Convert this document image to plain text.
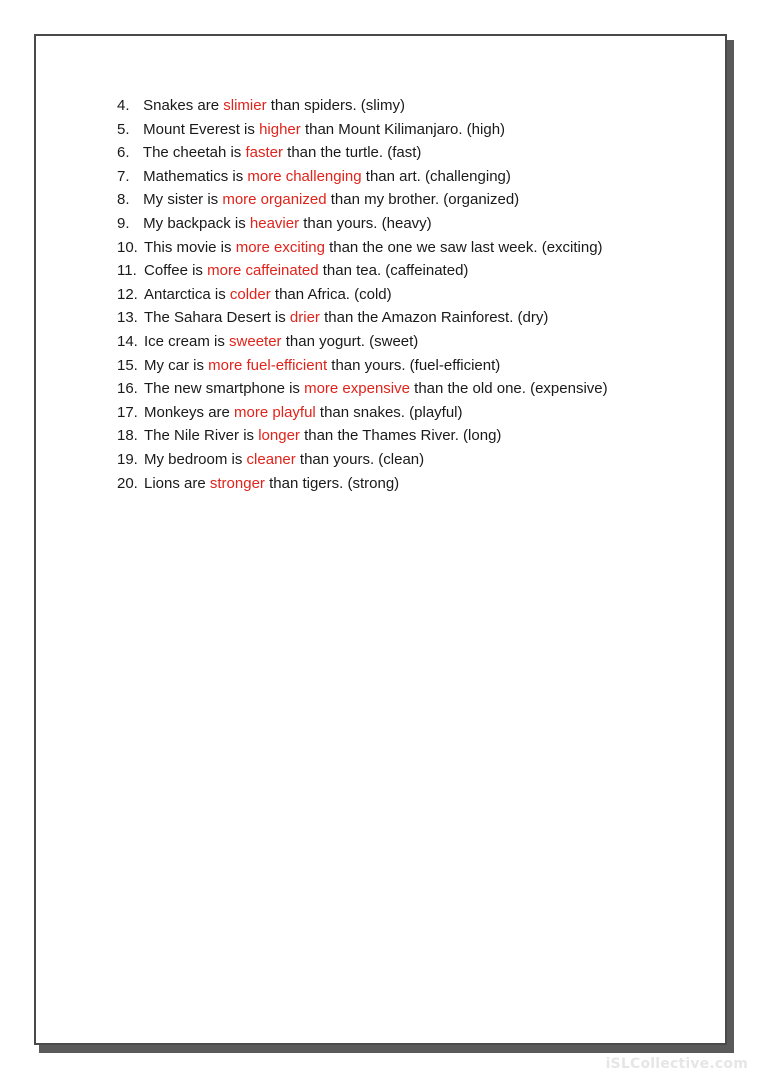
4. Snakes are slimier than spiders. (slimy)
5. Mount Everest is higher than Mount Kilimanjaro. (high)
6. The cheetah is faster than the turtle. (fast)
7. Mathematics is more challenging than art. (challenging)
8. My sister is more organized than my brother. (organized)
9. My backpack is heavier than yours. (heavy)
10. This movie is more exciting than the one we saw last week. (exciting)
11. Coffee is more caffeinated than tea. (caffeinated)
12. Antarctica is colder than Africa. (cold)
13. The Sahara Desert is drier than the Amazon Rainforest. (dry)
14. Ice cream is sweeter than yogurt. (sweet)
15. My car is more fuel-efficient than yours. (fuel-efficient)
16. The new smartphone is more expensive than the old one. (expensive)
17. Monkeys are more playful than snakes. (playful)
18. The Nile River is longer than the Thames River. (long)
19. My bedroom is cleaner than yours. (clean)
20. Lions are stronger than tigers. (strong)
iSLCollective.com
